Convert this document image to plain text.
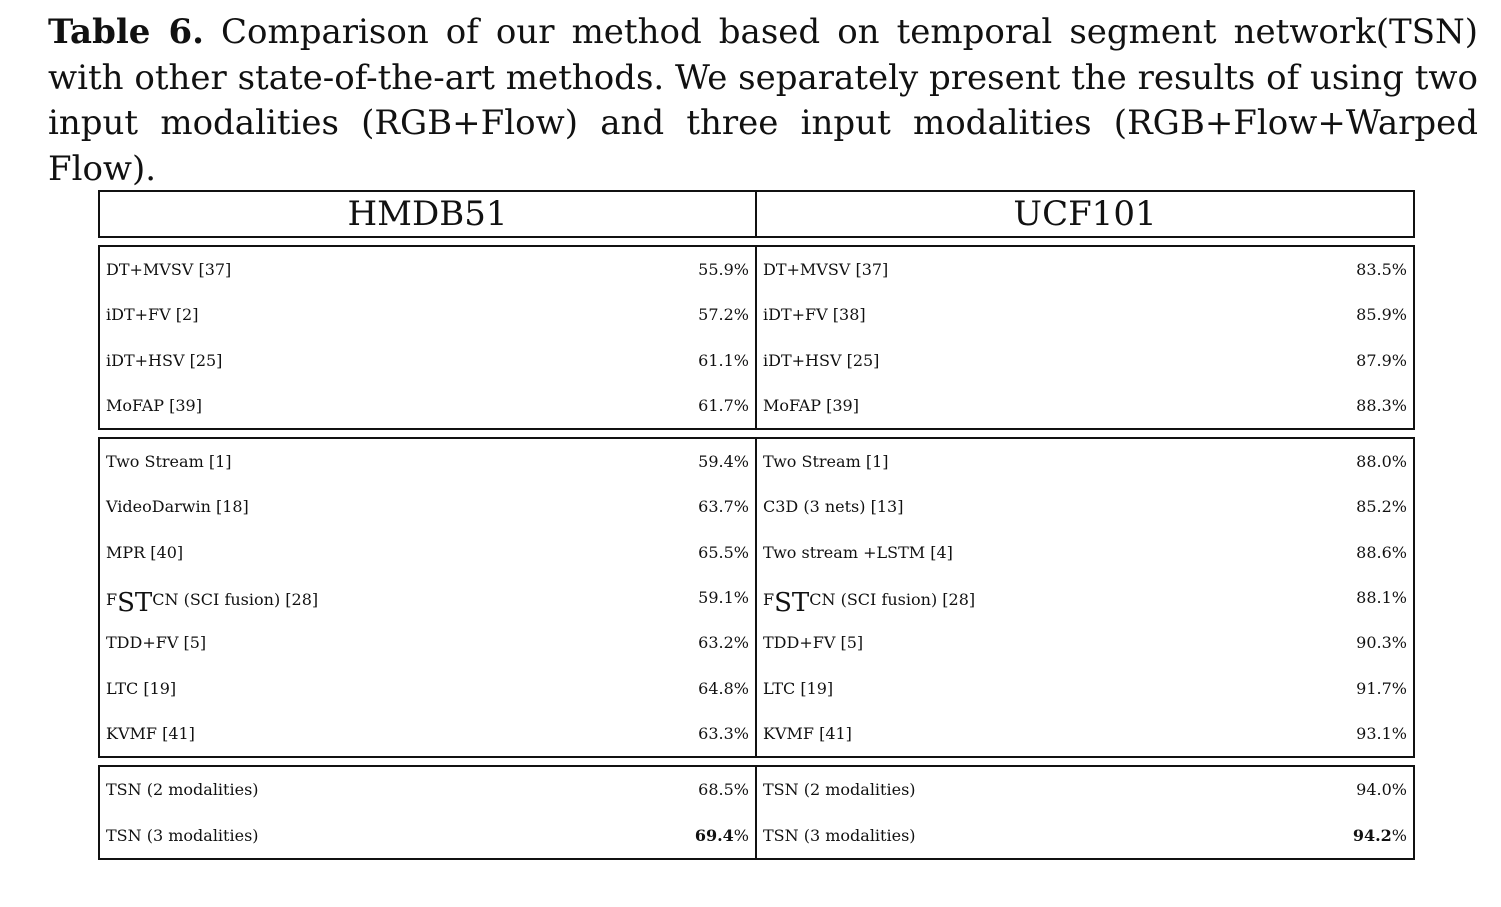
Table 6. Comparison of our method based on temporal segment network(TSN) with other state-of-the-art methods. We separately present the results of using two input modalities (RGB+Flow) and three input modalities (RGB+Flow+Warped Flow).
HMDB51	UCF101
DT+MVSV [37]	55.9%
iDT+FV [2]	57.2%
iDT+HSV [25]	61.1%
MoFAP [39]	61.7%
DT+MVSV [37]	83.5%
iDT+FV [38]	85.9%
iDT+HSV [25]	87.9%
MoFAP [39]	88.3%
Two Stream [1]	59.4%
VideoDarwin [18]	63.7%
MPR [40]	65.5%
FSTCN (SCI fusion) [28]	59.1%
TDD+FV [5]	63.2%
LTC [19]	64.8%
KVMF [41]	63.3%
Two Stream [1]	88.0%
C3D (3 nets) [13]	85.2%
Two stream +LSTM [4]	88.6%
FSTCN (SCI fusion) [28]	88.1%
TDD+FV [5]	90.3%
LTC [19]	91.7%
KVMF [41]	93.1%
TSN (2 modalities)	68.5%
TSN (3 modalities)	69.4%
TSN (2 modalities)	94.0%
TSN (3 modalities)	94.2%
